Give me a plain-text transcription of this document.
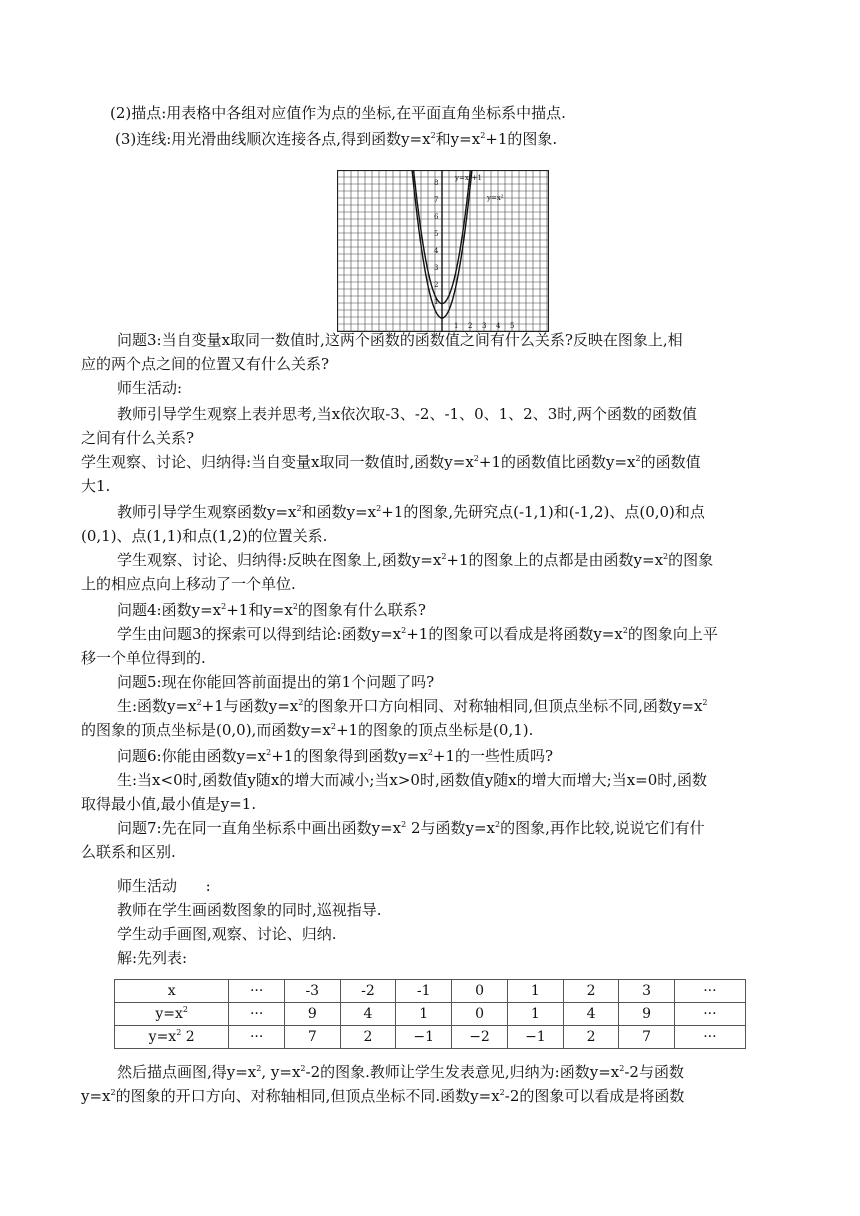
(2)描点:用表格中各组对应值作为点的坐标,在平面直角坐标系中描点.
(3)连线:用光滑曲线顺次连接各点,得到函数$y=x^2$和$y=x^2+1$的图象.
问题3:当自变量x取同一数值时,这两个函数的函数值之间有什么关系?反映在图象上,相
应的两个点之间的位置又有什么关系?
师生活动:
教师引导学生观察上表并思考,当x依次取-3、-2、-1、0、1、2、3时,两个函数的函数值
之间有什么关系?
学生观察、讨论、归纳得:当自变量x取同一数值时,函数$y=x^2+1$的函数值比函数$y=x^2$的函数值
大1.
教师引导学生观察函数$y=x^2$和函数$y=x^2+1$的图象,先研究点(-1,1)和(-1,2)、点(0,0)和点
(0,1)、点(1,1)和点(1,2)的位置关系.
学生观察、讨论、归纳得:反映在图象上,函数$y=x^2+1$的图象上的点都是由函数$y=x^2$的图象
上的相应点向上移动了一个单位.
问题4:函数$y=x^2+1$和$y=x^2$的图象有什么联系?
学生由问题3的探索可以得到结论:函数$y=x^2+1$的图象可以看成是将函数$y=x^2$的图象向上平
移一个单位得到的.
问题5:现在你能回答前面提出的第1个问题了吗?
生:函数$y=x^2+1$与函数$y=x^2$的图象开口方向相同、对称轴相同,但顶点坐标不同,函数$y=x^2$
的图象的顶点坐标是(0,0),而函数$y=x^2+1$的图象的顶点坐标是(0,1).
问题6:你能由函数$y=x^2+1$的图象得到函数$y=x^2+1$的一些性质吗?
生:当x<0时,函数值y随x的增大而减小;当x>0时,函数值y随x的增大而增大;当x=0时,函数
取得最小值,最小值是y=1.
问题7:先在同一直角坐标系中画出函数$y=x^2$ 2与函数$y=x^2$的图象,再作比较,说说它们有什
么联系和区别.
师生活动      :
教师在学生画函数图象的同时,巡视指导.
学生动手画图,观察、讨论、归纳.
解:先列表:
然后描点画图,得$y=x^2$, $y=x^2-2$的图象.教师让学生发表意见,归纳为:函数$y=x^2-2$与函数
$y=x^2$的图象的开口方向、对称轴相同,但顶点坐标不同.函数$y=x^2-2$的图象可以看成是将函数
y=x²+1
y=x²
1
2
3
4
5
6
7
8
1 2 3 4 5
x	···	-3	-2	-1	0	1	2	3	···
$y=x^2$	···	9	4	1	0	1	4	9	···
$y=x^2$ 2	···	7	2	−1	−2	−1	2	7	···
